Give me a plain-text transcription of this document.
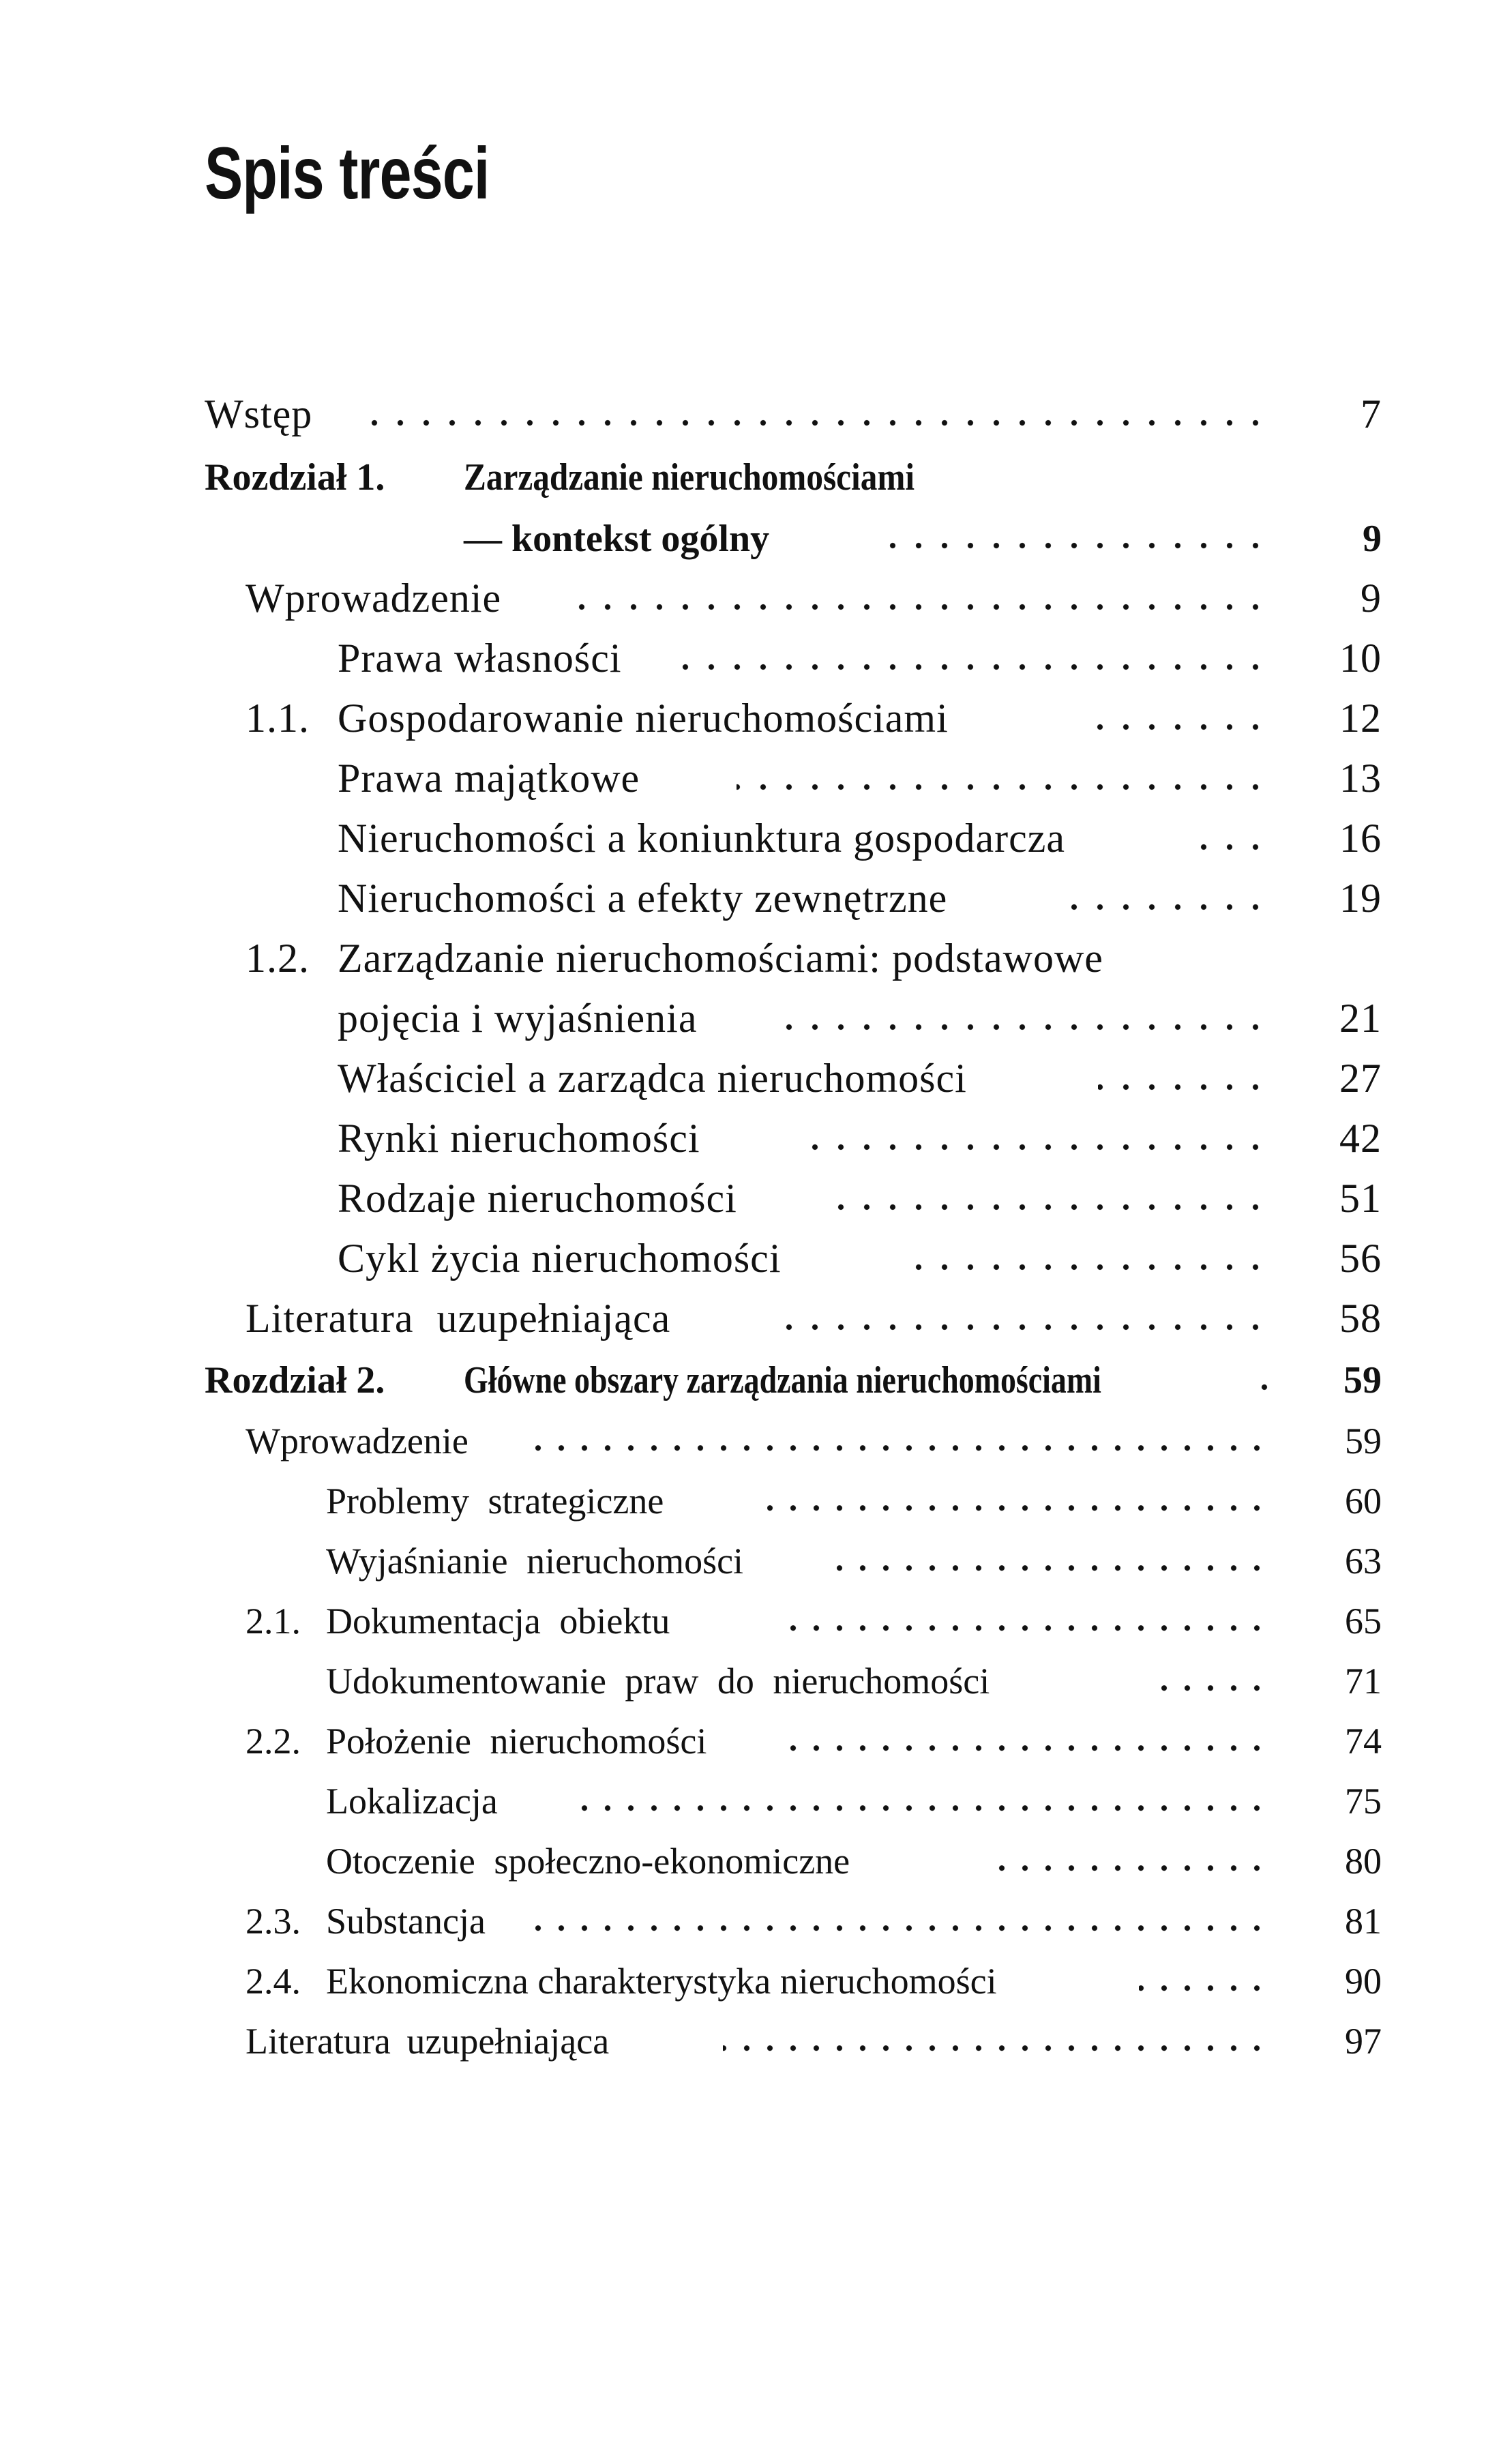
Spis treści
Wstęp	7
Rozdział 1. Zarządzanie nieruchomościami
— kontekst ogólny	9
Wprowadzenie	9
Prawa własności	10
1.1. Gospodarowanie nieruchomościami	12
Prawa majątkowe	13
Nieruchomości a koniunktura gospodarcza	16
Nieruchomości a efekty zewnętrzne	19
1.2. Zarządzanie nieruchomościami: podstawowe
pojęcia i wyjaśnienia	21
Właściciel a zarządca nieruchomości	27
Rynki nieruchomości	42
Rodzaje nieruchomości	51
Cykl życia nieruchomości	56
Literatura uzupełniająca	58
Rozdział 2. Główne obszary zarządzania nieruchomościami	59
Wprowadzenie	59
Problemy strategiczne	60
Wyjaśnianie nieruchomości	63
2.1. Dokumentacja obiektu	65
Udokumentowanie praw do nieruchomości	71
2.2. Położenie nieruchomości	74
Lokalizacja	75
Otoczenie społeczno-ekonomiczne	80
2.3. Substancja	81
2.4. Ekonomiczna charakterystyka nieruchomości	90
Literatura uzupełniająca	97
